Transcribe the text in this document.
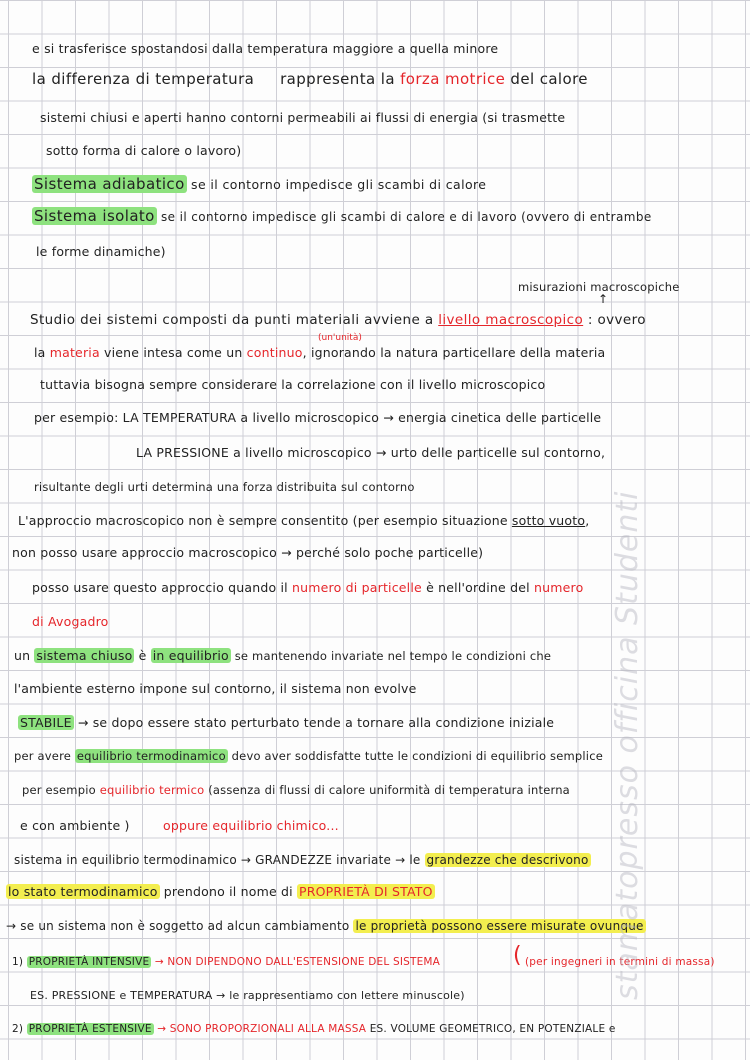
e si trasferisce spostandosi dalla temperatura maggiore a quella minore
la differenza di temperatura rappresenta la forza motrice del calore
sistemi chiusi e aperti hanno contorni permeabili ai flussi di energia (si trasmette
sotto forma di calore o lavoro)
Sistema adiabatico se il contorno impedisce gli scambi di calore
Sistema isolato se il contorno impedisce gli scambi di calore e di lavoro (ovvero di entrambe
le forme dinamiche)
misurazioni macroscopiche
↑
Studio dei sistemi composti da punti materiali avviene a livello macroscopico : ovvero
(un'unità)
la materia viene intesa come un continuo, ignorando la natura particellare della materia
tuttavia bisogna sempre considerare la correlazione con il livello microscopico
per esempio: LA TEMPERATURA a livello microscopico → energia cinetica delle particelle
LA PRESSIONE a livello microscopico → urto delle particelle sul contorno,
risultante degli urti determina una forza distribuita sul contorno
L'approccio macroscopico non è sempre consentito (per esempio situazione sotto vuoto,
non posso usare approccio macroscopico → perché solo poche particelle)
posso usare questo approccio quando il numero di particelle è nell'ordine del numero
di Avogadro
un sistema chiuso è in equilibrio se mantenendo invariate nel tempo le condizioni che
l'ambiente esterno impone sul contorno, il sistema non evolve
STABILE → se dopo essere stato perturbato tende a tornare alla condizione iniziale
per avere equilibrio termodinamico devo aver soddisfatte tutte le condizioni di equilibrio semplice
per esempio equilibrio termico (assenza di flussi di calore uniformità di temperatura interna
e con ambiente )	oppure equilibrio chimico...
sistema in equilibrio termodinamico → GRANDEZZE invariate → le grandezze che descrivono
lo stato termodinamico prendono il nome di PROPRIETÀ DI STATO
→ se un sistema non è soggetto ad alcun cambiamento le proprietà possono essere misurate ovunque
1) PROPRIETÀ INTENSIVE → NON DIPENDONO DALL'ESTENSIONE DEL SISTEMA	( (per ingegneri in termini di massa)
ES. PRESSIONE e TEMPERATURA → le rappresentiamo con lettere minuscole)
2) PROPRIETÀ ESTENSIVE → SONO PROPORZIONALI ALLA MASSA ES. VOLUME GEOMETRICO, EN POTENZIALE e
stamatopresso officina Studenti
